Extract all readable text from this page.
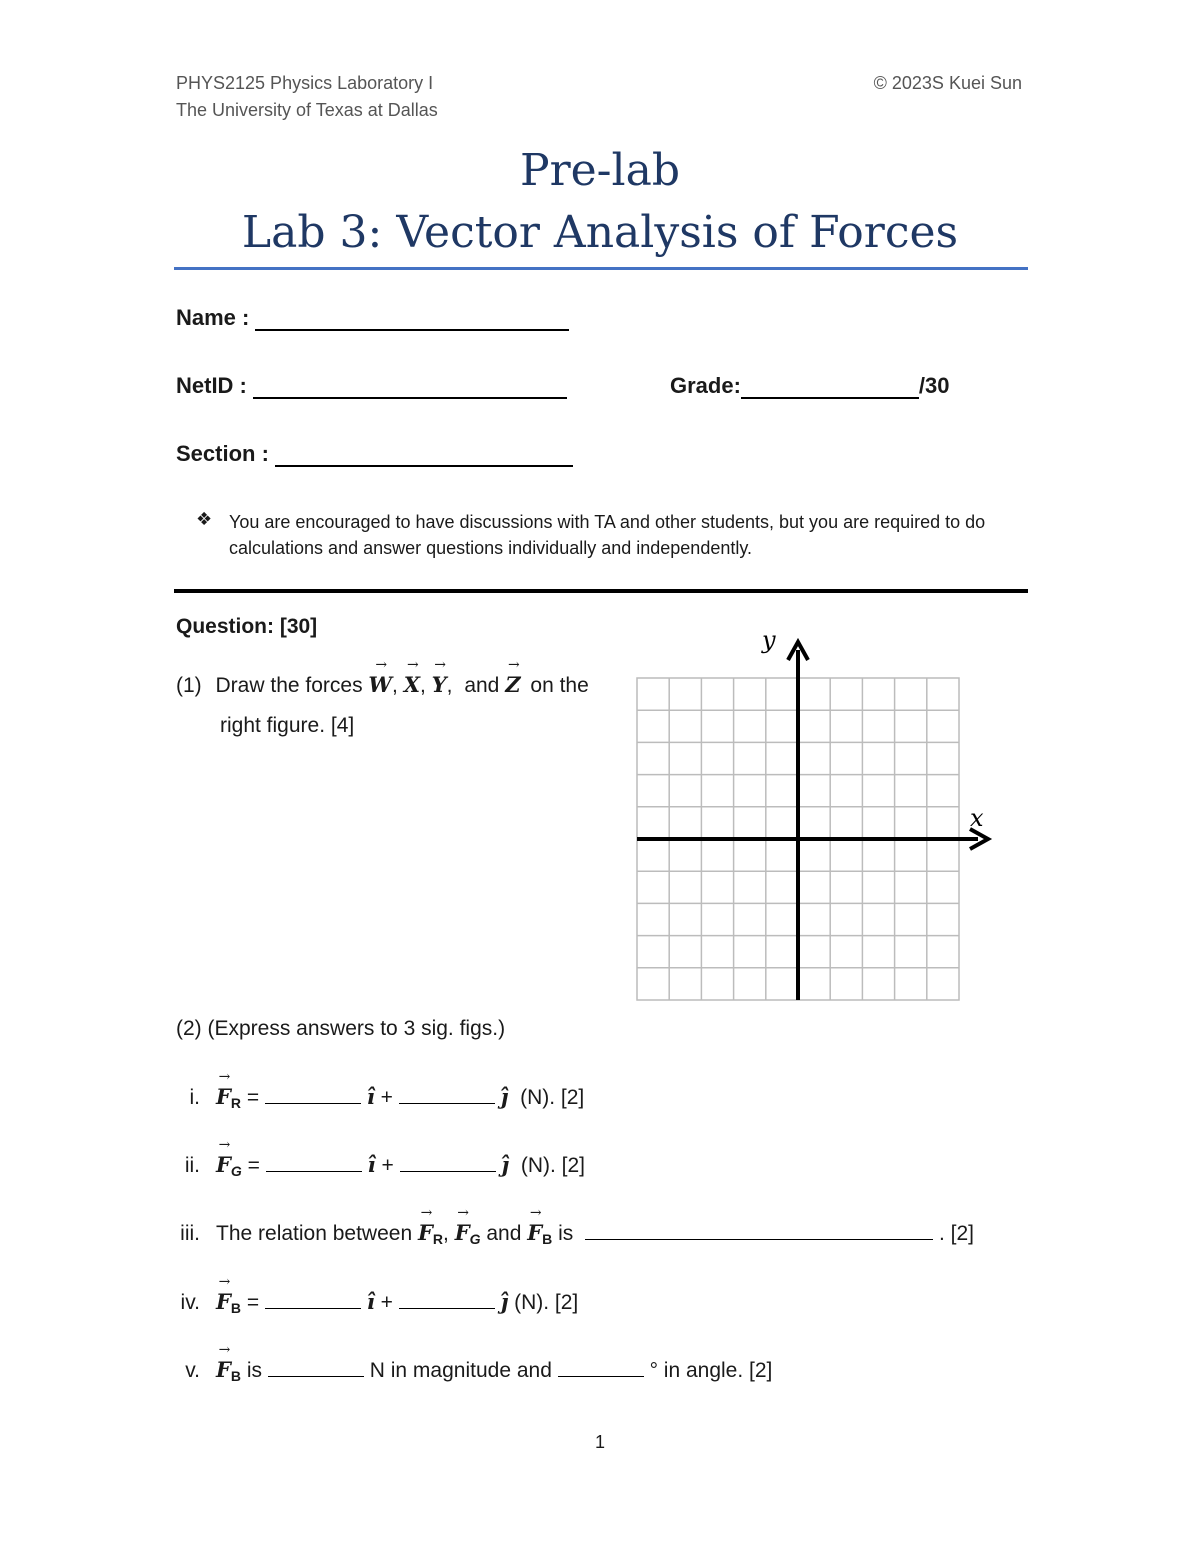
PHYS2125 Physics Laboratory I
The University of Texas at Dallas
© 2023S Kuei Sun
Pre-lab
Lab 3: Vector Analysis of Forces
Name :
NetID :	Grade:	/30
Section :
❖ You are encouraged to have discussions with TA and other students, but you are required to do calculations and answer questions individually and independently.
Question: [30]
(1) Draw the forces → W, → X, → Y, and → Z on the
right figure. [4]
x
y
(2) (Express answers to 3 sig. figs.)
$i.\to F_R$ =	ı̂ +	ȷ̂ (N). [2]
$ii.\to F_G$ =	ı̂ +	ȷ̂ (N). [2]
iii. The relation between → $F_R$, → $F_G$ and → $F_B$ is	. [2]
$iv.\to F_B$ =	ı̂ +	ȷ̂ (N). [2]
$v.\to F_B$ is	N in magnitude and	° in angle. [2]
1
